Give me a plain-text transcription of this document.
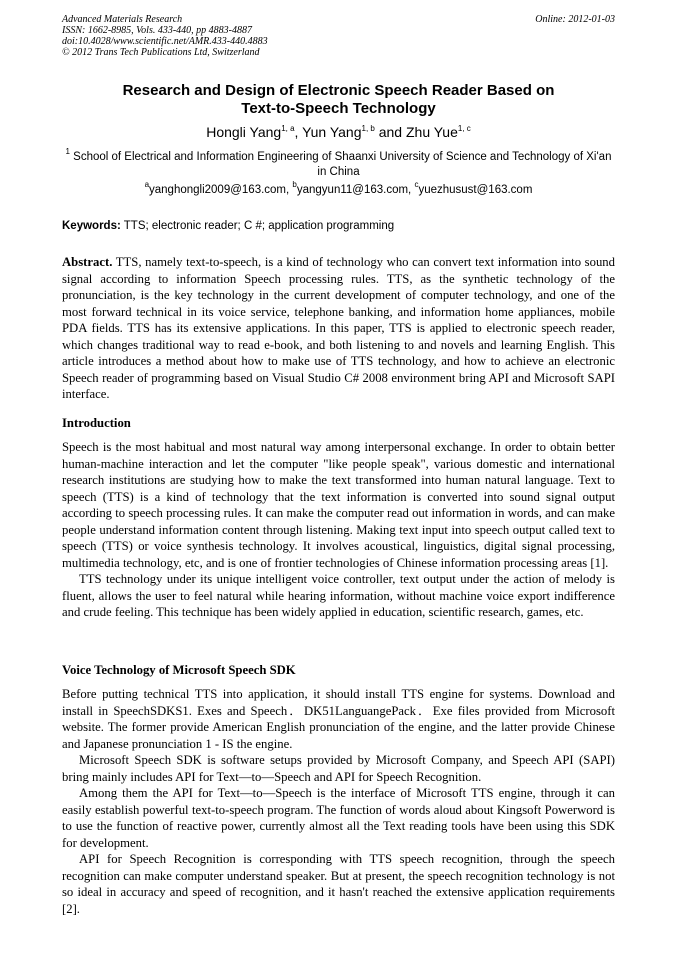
Advanced Materials Research
ISSN: 1662-8985, Vols. 433-440, pp 4883-4887
doi:10.4028/www.scientific.net/AMR.433-440.4883
© 2012 Trans Tech Publications Ltd, Switzerland
Online: 2012-01-03
Research and Design of Electronic Speech Reader Based on
Text-to-Speech Technology
Hongli Yang$^{1, a}$, Yun Yang$^{1, b}$ and Zhu Yue$^{1, c}$
$^1$ School of Electrical and Information Engineering of Shaanxi University of Science and Technology of Xi'an in China
$^a$yanghongli2009@163.com, $^b$yangyun11@163.com, $^c$yuezhusust@163.com
Keywords: TTS; electronic reader; C #; application programming

Abstract. TTS, namely text-to-speech, is a kind of technology who can convert text information into sound signal according to information Speech processing rules. TTS, as the synthetic technology of the pronunciation, is the key technology in the current development of computer technology, and one of the most forward technical in its voice service, telephone banking, and information home appliances, mobile PDA fields. TTS has its extensive applications. In this paper, TTS is applied to electronic speech reader, which changes traditional way to read e-book, and both listening to and novels and learning English. This article introduces a method about how to make use of TTS technology, and how to achieve an electronic Speech reader of programming based on Visual Studio C# 2008 environment bring API and Microsoft SAPI interface.

Introduction

Speech is the most habitual and most natural way among interpersonal exchange. In order to obtain better human-machine interaction and let the computer "like people speak", various domestic and international research institutions are studying how to make the text transformed into human natural language. Text to speech (TTS) is a kind of technology that the text information is converted into sound signal output according to speech processing rules. It can make the computer read out information in words, and can make people understand information content through listening. Making text input into speech output called text to speech (TTS) or voice synthesis technology. It involves acoustical, linguistics, digital signal processing, multimedia technology, etc, and is one of frontier technologies of Chinese information processing areas [1].

TTS technology under its unique intelligent voice controller, text output under the action of melody is fluent, allows the user to feel natural while hearing information, without machine voice export indifference and crude feeling. This technique has been widely applied in education, scientific research, games, etc.

Voice Technology of Microsoft Speech SDK

Before putting technical TTS into application, it should install TTS engine for systems. Download and install in SpeechSDKS1. Exes and Speech．DK51LanguangePack．Exe files provided from Microsoft website. The former provide American English pronunciation of the engine, and the latter provide Chinese and Japanese pronunciation 1 - IS the engine.

Microsoft Speech SDK is software setups provided by Microsoft Company, and Speech API (SAPI) bring mainly includes API for Text—to—Speech and API for Speech Recognition.

Among them the API for Text—to—Speech is the interface of Microsoft TTS engine, through it can easily establish powerful text-to-speech program. The function of words aloud about Kingsoft Powerword is to use the function of reactive power, currently almost all the Text reading tools have been using this SDK for development.

API for Speech Recognition is corresponding with TTS speech recognition, through the speech recognition can make computer understand speaker. But at present, the speech recognition technology is not so ideal in accuracy and speed of recognition, and it hasn't reached the extensive application requirements [2].
